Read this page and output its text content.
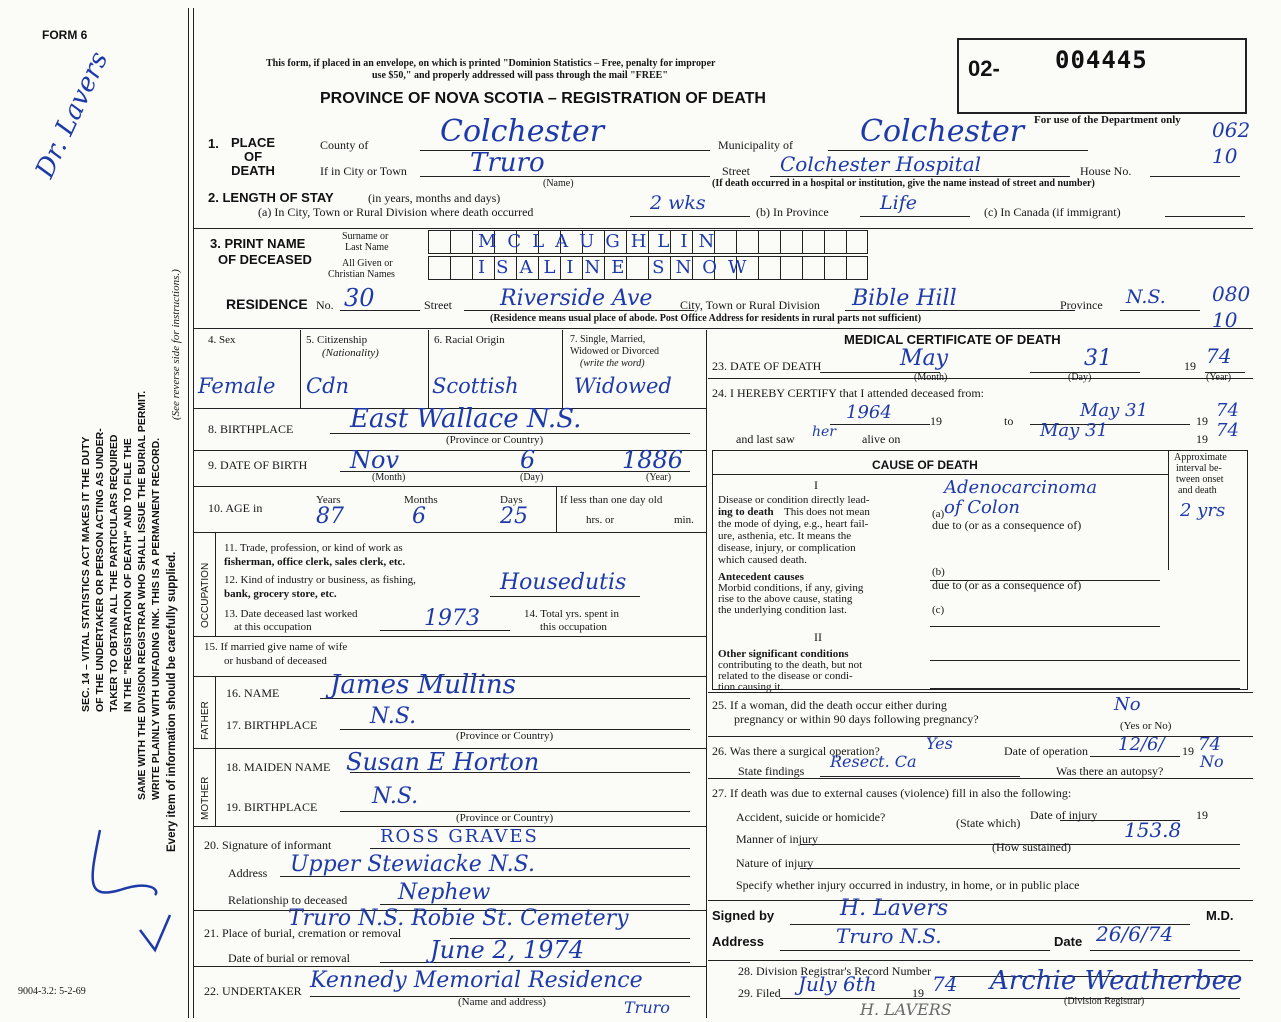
FORM 6
This form, if placed in an envelope, on which is printed "Dominion Statistics – Free, penalty for improper
use $50," and properly addressed will pass through the mail "FREE"
PROVINCE OF NOVA SCOTIA – REGISTRATION OF DEATH
02- 004445
For use of the Department only 062
10
080
10
SEC. 14 – VITAL STATISTICS ACT MAKES IT THE DUTY OF THE UNDERTAKER OR PERSON ACTING AS UNDER- TAKER TO OBTAIN ALL THE PARTICULARS REQUIRED IN THE "REGISTRATION OF DEATH" AND TO FILE THE SAME WITH THE DIVISION REGISTRAR WHO SHALL ISSUE THE BURIAL PERMIT. WRITE PLAINLY WITH UNFADING INK. THIS IS A PERMANENT RECORD. Every item of information should be carefully supplied.
(See reverse side for instructions.)
Dr. Lavers
9004-3.2: 5-2-69
1. PLACE OF DEATH
County of Colchester	Municipality of Colchester
If in City or Town Truro
(Name)
Street Colchester Hospital	House No.
(If death occurred in a hospital or institution, give the name instead of street and number)
2. LENGTH OF STAY	(in years, months and days)
(a) In City, Town or Rural Division where death occurred	2 wks	(b) In Province	Life	(c) In Canada (if immigrant)
3. PRINT NAME
OF DECEASED
Surname or
Last Name	MCLAUGHLIN
All Given or
Christian Names	ISALINE SNOW
RESIDENCE No. 30	Street Riverside Ave City, Town or Rural Division Bible Hill	Province N.S.
(Residence means usual place of abode. Post Office Address for residents in rural parts not sufficient)
4. Sex
Female
5. Citizenship
(Nationality)
Cdn
6. Racial Origin
Scottish
7. Single, Married,
Widowed or Divorced
(write the word)
Widowed
8. BIRTHPLACE East Wallace N.S.
(Province or Country)
9. DATE OF BIRTH Nov	6	1886
(Month)	(Day)	(Year)
10. AGE in
Years	Months	Days
87	6	25
If less than one day old
hrs. or	min.
OCCUPATION
11. Trade, profession, or kind of work as
fisherman, office clerk, sales clerk, etc.
12. Kind of industry or business, as fishing,
bank, grocery store, etc.	Housedutis
13. Date deceased last worked
at this occupation	1973	14. Total yrs. spent in
this occupation
15. If married give name of wife
or husband of deceased
FATHER
16. NAME James Mullins
17. BIRTHPLACE N.S.
(Province or Country)
MOTHER
18. MAIDEN NAME Susan E Horton
19. BIRTHPLACE N.S.
(Province or Country)
20. Signature of informant	ROSS GRAVES
Address Upper Stewiacke N.S.
Relationship to deceased Nephew
21. Place of burial, cremation or removal
Truro N.S. Robie St. Cemetery
Date of burial or removal	June 2, 1974
22. UNDERTAKER Kennedy Memorial Residence
Truro
(Name and address)
MEDICAL CERTIFICATE OF DEATH
23. DATE OF DEATH	May	31	19 74
(Month)	(Day)	(Year)
24. I HEREBY CERTIFY that I attended deceased from:
1964	19	to	May 31	19 74
and last saw her alive on	May 31	19 74
CAUSE OF DEATH
Approximate
interval be-
tween onset
and death
I
Disease or condition directly lead-
ing to death This does not mean
the mode of dying, e.g., heart fail-
ure, asthenia, etc. It means the
disease, injury, or complication
which caused death.
(a)
Adenocarcinoma of Colon	2 yrs
due to (or as a consequence of)
Antecedent causes
Morbid conditions, if any, giving
rise to the above cause, stating
the underlying condition last.
(b)
due to (or as a consequence of)
(c)
II
Other significant conditions
contributing to the death, but not
related to the disease or condi-
tion causing it.
25. If a woman, did the death occur either during
pregnancy or within 90 days following pregnancy?
No
(Yes or No)
26. Was there a surgical operation?	Yes	Date of operation 12/6/ 19 74
State findings Resect. Ca	Was there an autopsy? No
27. If death was due to external causes (violence) fill in also the following:
Accident, suicide or homicide?	(State which)
Date of injury	19
Manner of injury	153.8
(How sustained)
Nature of injury
Specify whether injury occurred in industry, in home, or in public place
Signed by	H. Lavers	M.D.
Address	Truro N.S.	Date 26/6/74
28. Division Registrar's Record Number
29. Filed July 6th	19 74 Archie Weatherbee
(Division Registrar)
H. LAVERS
